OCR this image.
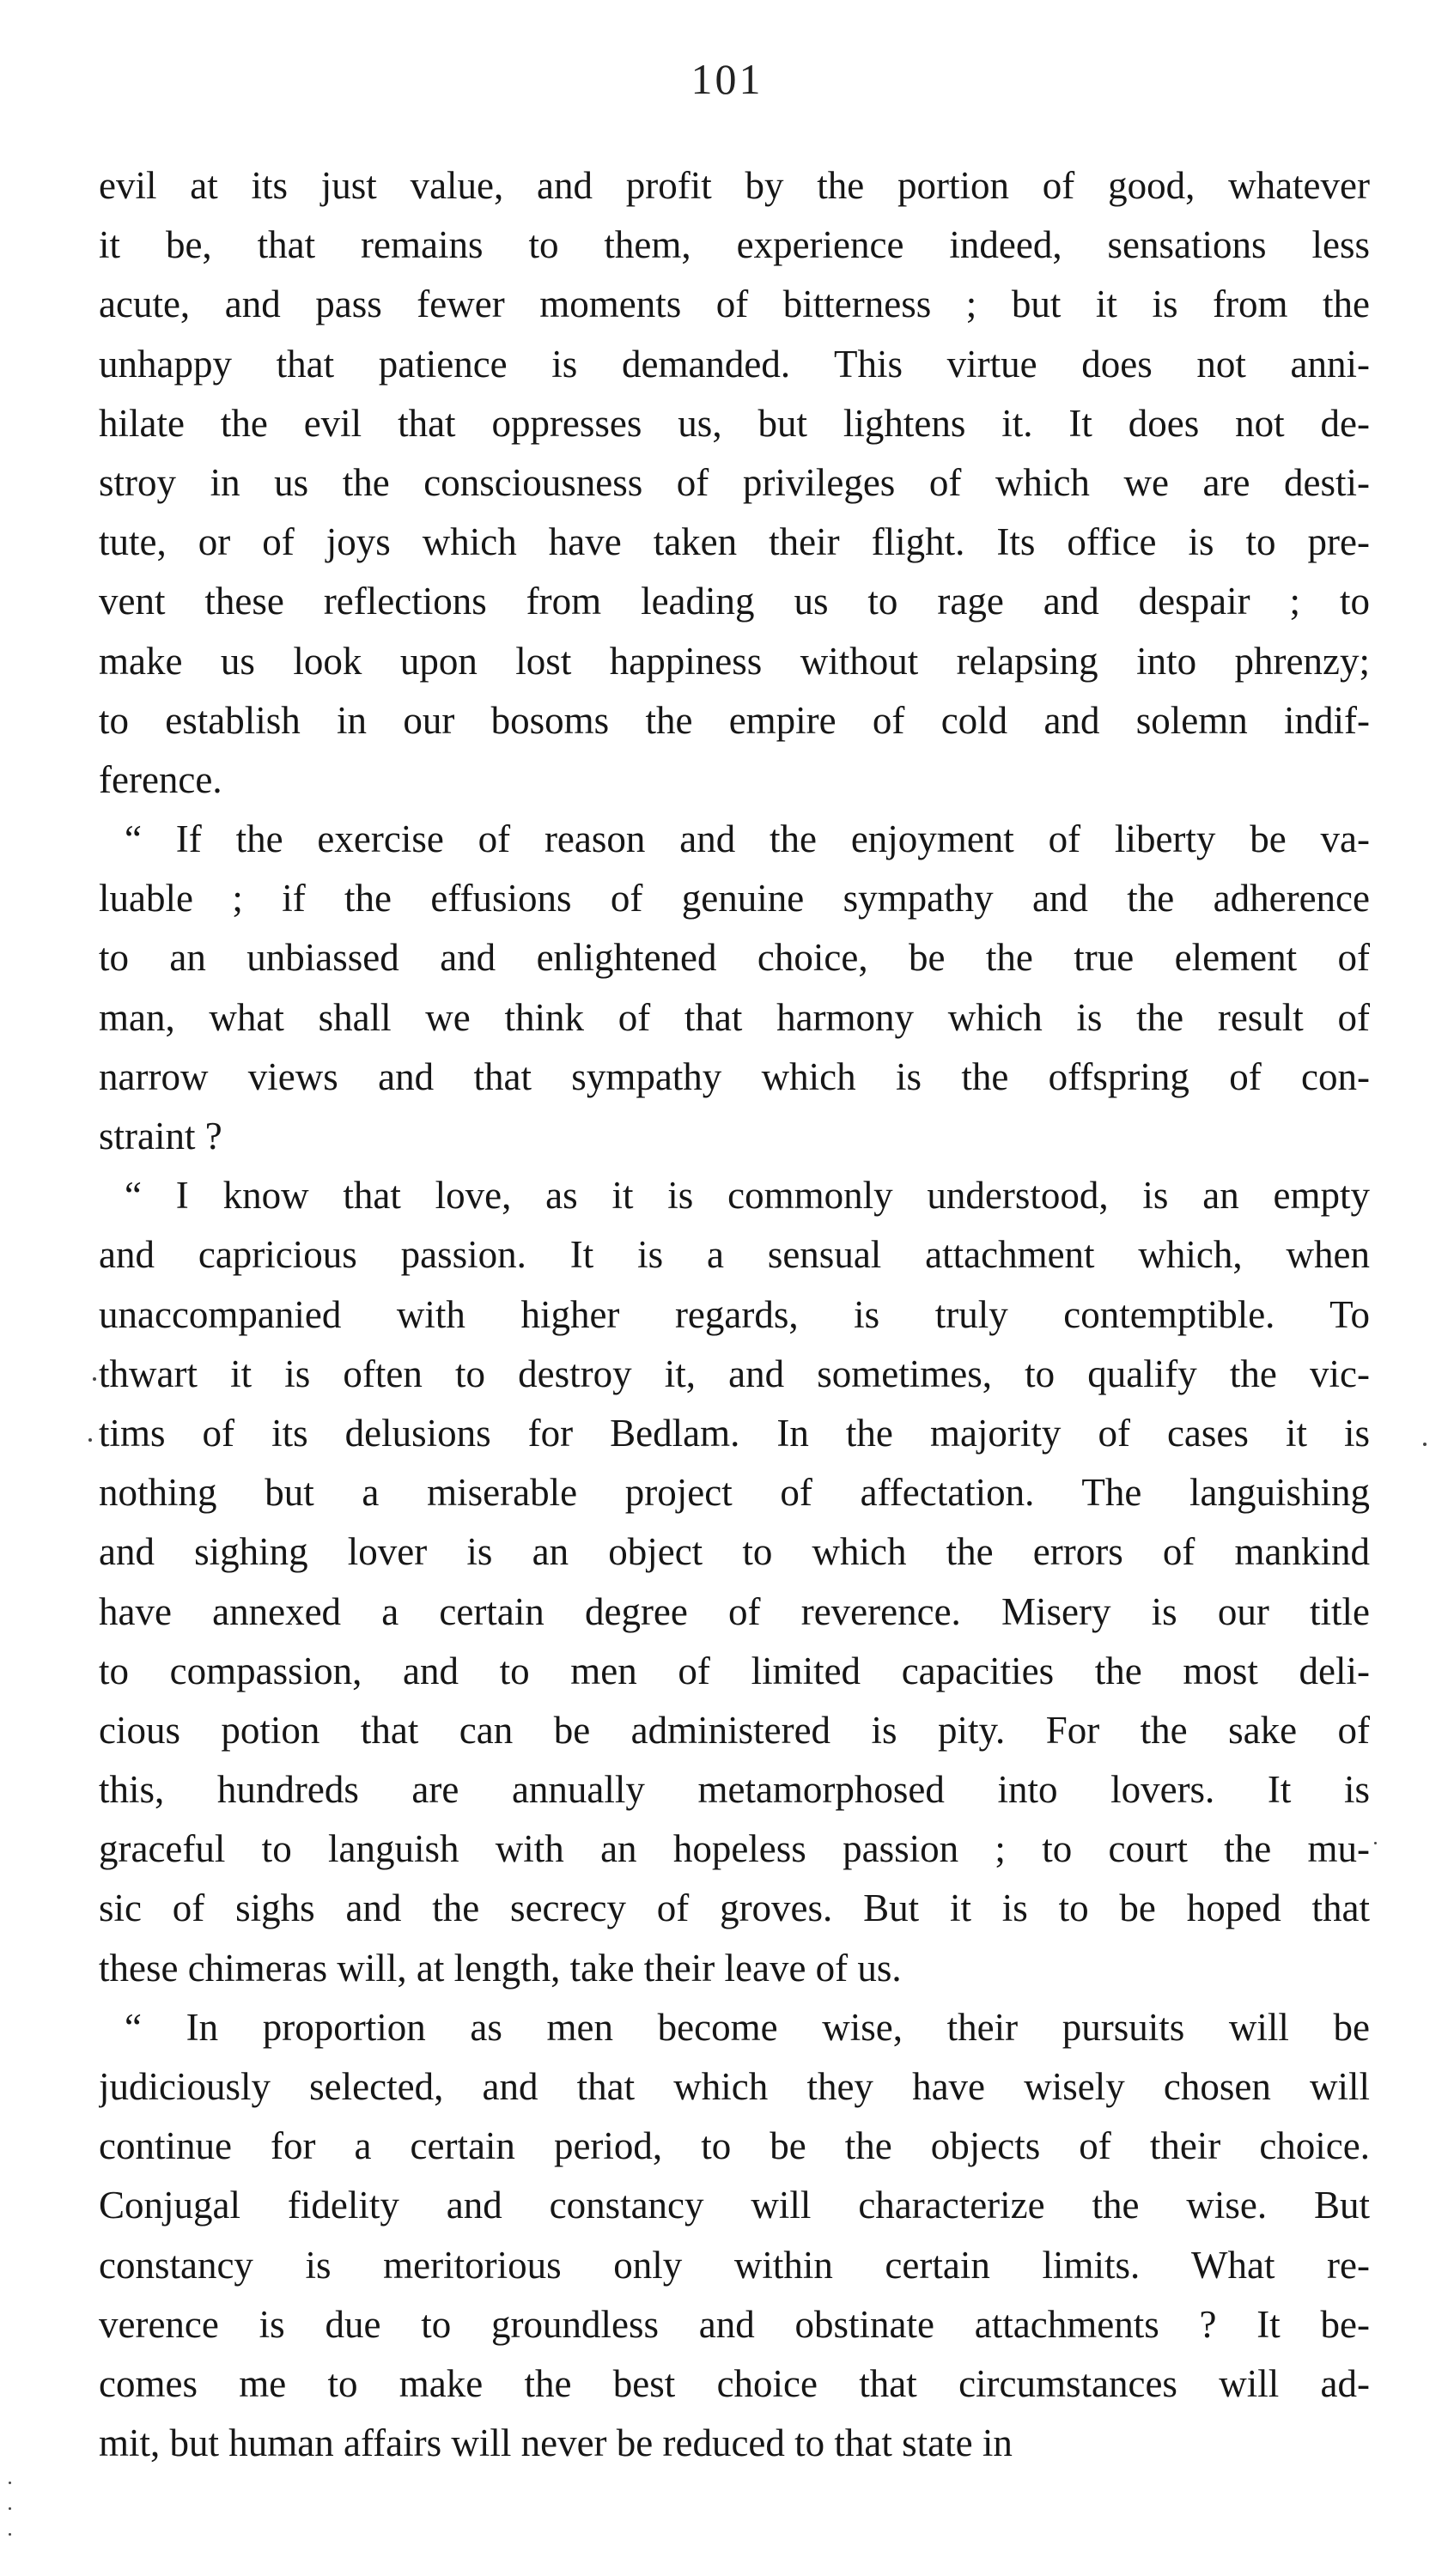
101
evil at its just value, and profit by the portion of good, whatever
it be, that remains to them, experience indeed, sensations less
acute, and pass fewer moments of bitterness ; but it is from the
unhappy that patience is demanded. This virtue does not anni-
hilate the evil that oppresses us, but lightens it. It does not de-
stroy in us the consciousness of privileges of which we are desti-
tute, or of joys which have taken their flight. Its office is to pre-
vent these reflections from leading us to rage and despair ; to
make us look upon lost happiness without relapsing into phrenzy;
to establish in our bosoms the empire of cold and solemn indif-
ference.
“ If the exercise of reason and the enjoyment of liberty be va-
luable ; if the effusions of genuine sympathy and the adherence
to an unbiassed and enlightened choice, be the true element of
man, what shall we think of that harmony which is the result of
narrow views and that sympathy which is the offspring of con-
straint ?
“ I know that love, as it is commonly understood, is an empty
and capricious passion. It is a sensual attachment which, when
unaccompanied with higher regards, is truly contemptible. To
thwart it is often to destroy it, and sometimes, to qualify the vic-
tims of its delusions for Bedlam. In the majority of cases it is
nothing but a miserable project of affectation. The languishing
and sighing lover is an object to which the errors of mankind
have annexed a certain degree of reverence. Misery is our title
to compassion, and to men of limited capacities the most deli-
cious potion that can be administered is pity. For the sake of
this, hundreds are annually metamorphosed into lovers. It is
graceful to languish with an hopeless passion ; to court the mu-
sic of sighs and the secrecy of groves. But it is to be hoped that
these chimeras will, at length, take their leave of us.
“ In proportion as men become wise, their pursuits will be
judiciously selected, and that which they have wisely chosen will
continue for a certain period, to be the objects of their choice.
Conjugal fidelity and constancy will characterize the wise. But
constancy is meritorious only within certain limits. What re-
verence is due to groundless and obstinate attachments ? It be-
comes me to make the best choice that circumstances will ad-
mit, but human affairs will never be reduced to that state in
